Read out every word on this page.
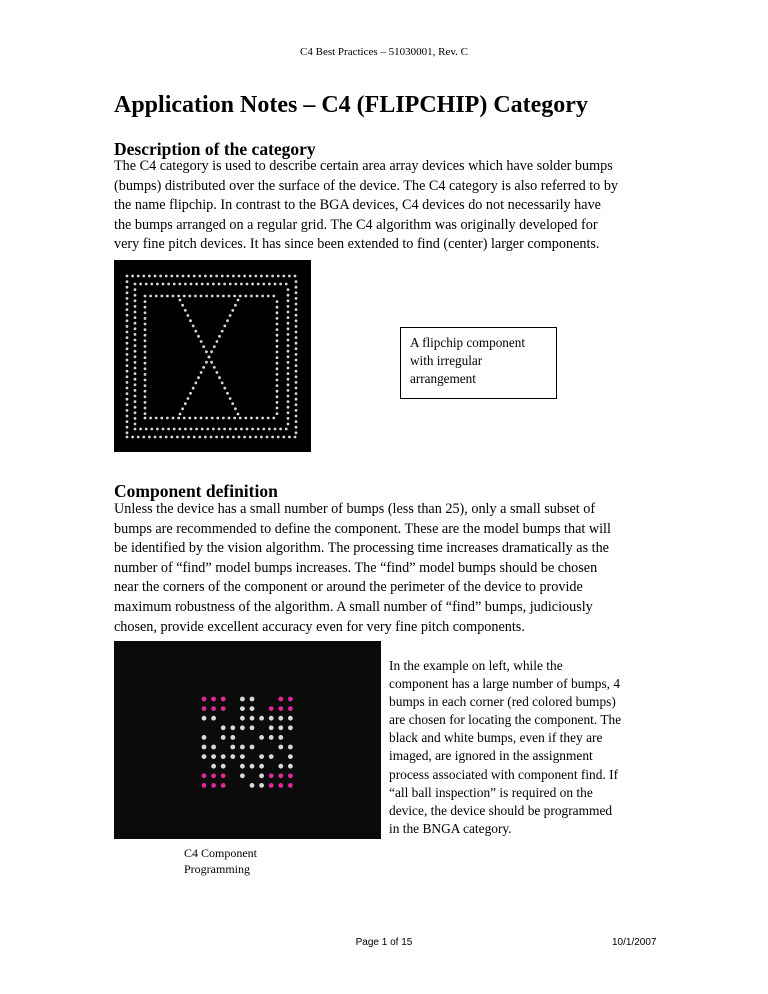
C4 Best Practices – 51030001, Rev. C
Application Notes – C4 (FLIPCHIP) Category
Description of the category

The C4 category is used to describe certain area array devices which have solder bumps
(bumps) distributed over the surface of the device. The C4 category is also referred to by
the name flipchip. In contrast to the BGA devices, C4 devices do not necessarily have
the bumps arranged on a regular grid. The C4 algorithm was originally developed for
very fine pitch devices. It has since been extended to find (center) larger components.

A flipchip component
with irregular
arrangement
Component definition

Unless the device has a small number of bumps (less than 25), only a small subset of
bumps are recommended to define the component. These are the model bumps that will
be identified by the vision algorithm. The processing time increases dramatically as the
number of “find” model bumps increases. The “find” model bumps should be chosen
near the corners of the component or around the perimeter of the device to provide
maximum robustness of the algorithm. A small number of “find” bumps, judiciously
chosen, provide excellent accuracy even for very fine pitch components.

In the example on left, while the
component has a large number of bumps, 4
bumps in each corner (red colored bumps)
are chosen for locating the component. The
black and white bumps, even if they are
imaged, are ignored in the assignment
process associated with component find. If
“all ball inspection” is required on the
device, the device should be programmed
in the BNGA category.
C4 Component
Programming
Page 1 of 15	10/1/2007
